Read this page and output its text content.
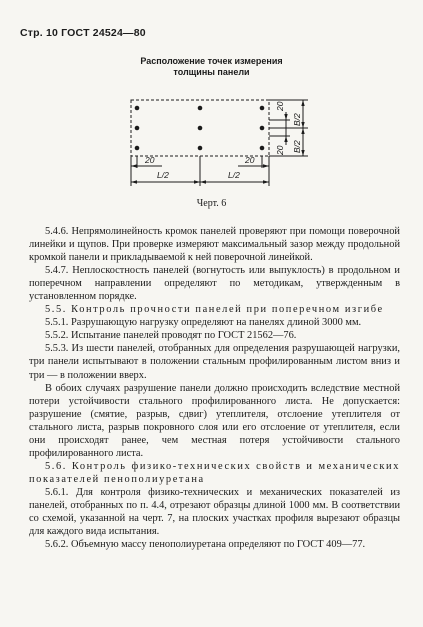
Стр. 10 ГОСТ 24524—80
Расположение точек измерения
толщины панели
20	20
L/2	L/2
B/2
20
B/2
20
Черт. 6

5.4.6. Непрямолинейность кромок панелей проверяют при помощи поверочной линейки и щупов. При проверке измеряют максимальный зазор между продольной кромкой панели и прикладываемой к ней поверочной линейкой.

5.4.7. Неплоскостность панелей (вогнутость или выпуклость) в продольном и поперечном направлении определяют по методикам, утвержденным в установленном порядке.

5.5. Контроль прочности панелей при поперечном изгибе

5.5.1. Разрушающую нагрузку определяют на панелях длиной 3000 мм.

5.5.2. Испытание панелей проводят по ГОСТ 21562—76.

5.5.3. Из шести панелей, отобранных для определения разрушающей нагрузки, три панели испытывают в положении стальным профилированным листом вниз и три — в положении вверх.

В обоих случаях разрушение панели должно происходить вследствие местной потери устойчивости стального профилированного листа. Не допускается: разрушение (смятие, разрыв, сдвиг) утеплителя, отслоение утеплителя от стального листа, разрыв покровного слоя или его отслоение от утеплителя, если они происходят ранее, чем местная потеря устойчивости стального профилированного листа.

5.6. Контроль физико-технических свойств и механических показателей пенополиуретана

5.6.1. Для контроля физико-технических и механических показателей из панелей, отобранных по п. 4.4, отрезают образцы длиной 1000 мм. В соответствии со схемой, указанной на черт. 7, на плоских участках профиля вырезают образцы для каждого вида испытания.

5.6.2. Объемную массу пенополиуретана определяют по ГОСТ 409—77.
